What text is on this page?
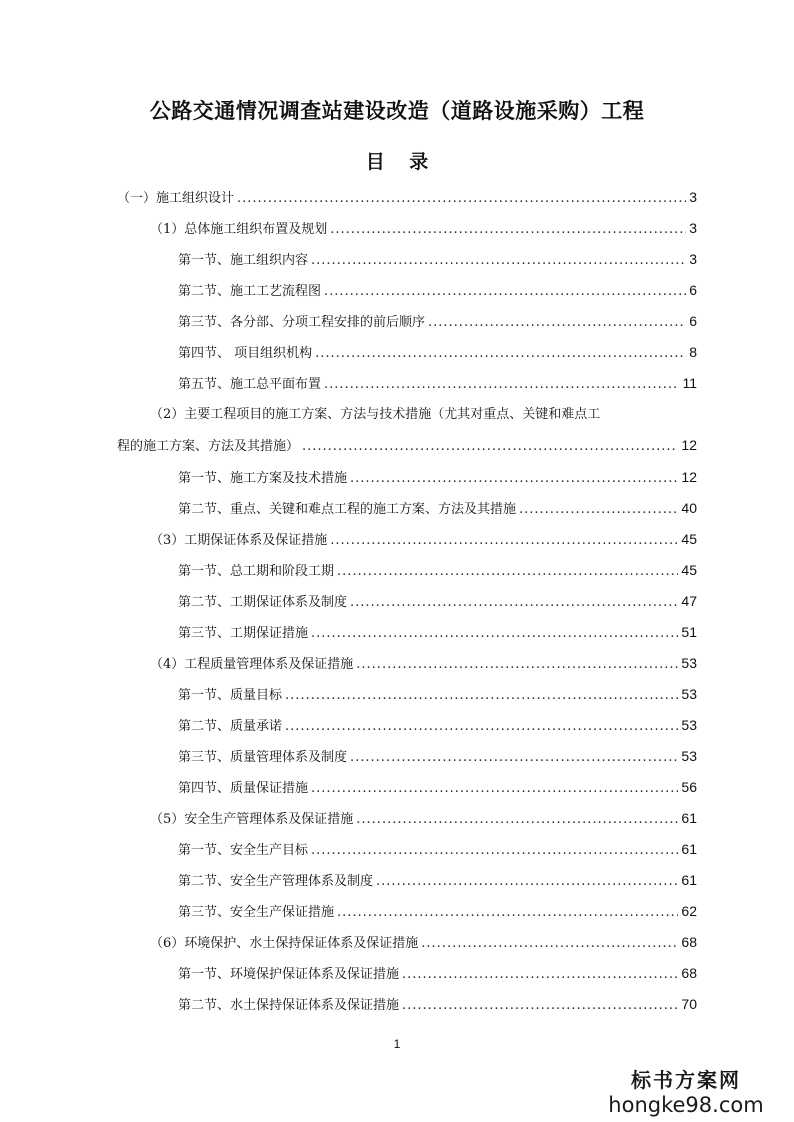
公路交通情况调查站建设改造（道路设施采购）工程
目 录
（一）施工组织设计 .....	3
（1）总体施工组织布置及规划 .....	3
第一节、施工组织内容 .....	3
第二节、施工工艺流程图 .....	6
第三节、各分部、分项工程安排的前后顺序 .....	6
第四节、 项目组织机构 .....	8
第五节、施工总平面布置 .....	11
（2）主要工程项目的施工方案、方法与技术措施（尤其对重点、关键和难点工
程的施工方案、方法及其措施） .....	12
第一节、施工方案及技术措施 .....	12
第二节、重点、关键和难点工程的施工方案、方法及其措施 .....	40
（3）工期保证体系及保证措施 .....	45
第一节、总工期和阶段工期 .....	45
第二节、工期保证体系及制度 .....	47
第三节、工期保证措施 .....	51
（4）工程质量管理体系及保证措施 .....	53
第一节、质量目标 .....	53
第二节、质量承诺 .....	53
第三节、质量管理体系及制度 .....	53
第四节、质量保证措施 .....	56
（5）安全生产管理体系及保证措施 .....	61
第一节、安全生产目标 .....	61
第二节、安全生产管理体系及制度 .....	61
第三节、安全生产保证措施 .....	62
（6）环境保护、水土保持保证体系及保证措施 .....	68
第一节、环境保护保证体系及保证措施 .....	68
第二节、水土保持保证体系及保证措施 .....	70
1
标书方案网
hongke98.com
